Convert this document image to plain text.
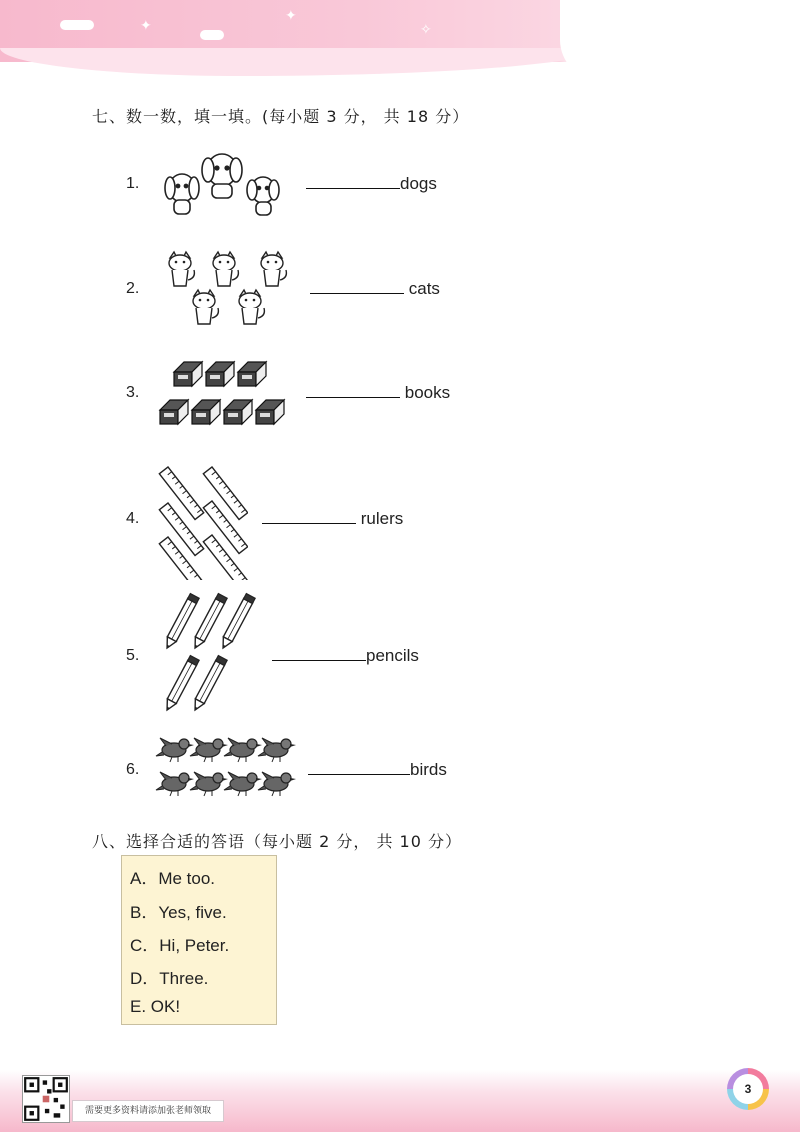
✦
✦
✧
七、数一数，填一填。(每小题 3 分， 共 18 分）
1.	dogs
2.	cats
3.	books
4.	rulers
5.	pencils
6.	birds
八、选择合适的答语（每小题 2 分， 共 10 分）
A．Me too.
B．Yes, five.
C．Hi, Peter.
D．Three.
E. OK!
需要更多资料请添加张老师领取
3
